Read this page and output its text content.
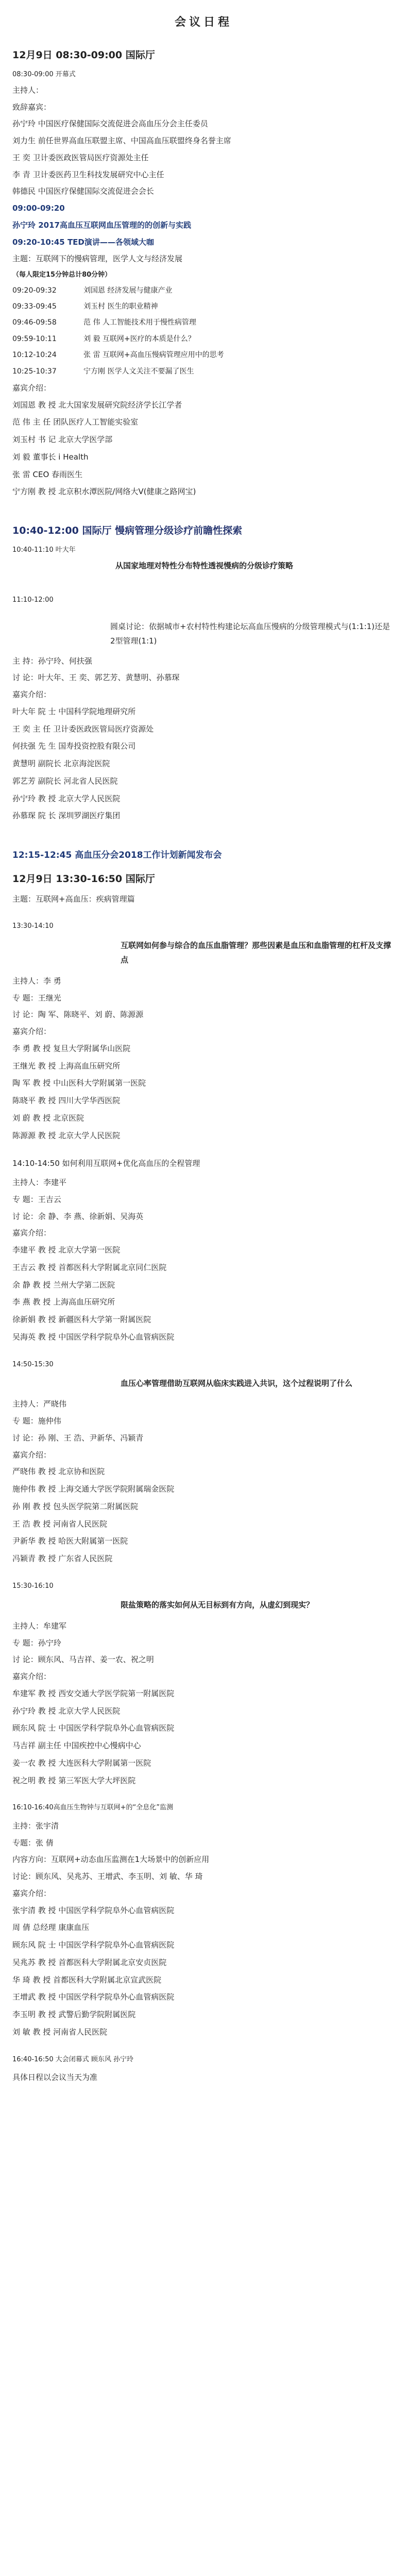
会议日程
12月9日 08:30-09:00 国际厅
08:30-09:00 开幕式
主持人：
致辞嘉宾：
孙宁玲 中国医疗保健国际交流促进会高血压分会主任委员
刘力生 前任世界高血压联盟主席、中国高血压联盟终身名誉主席
王 奕 卫计委医政医管局医疗资源处主任
李 青 卫计委医药卫生科技发展研究中心主任
韩德民 中国医疗保健国际交流促进会会长
09:00-09:20
孙宁玲 2017高血压互联网血压管理的的创新与实践
09:20-10:45 TED演讲——各领域大咖
主题：互联网下的慢病管理，医学人文与经济发展
（每人限定15分钟总计80分钟）
09:20-09:32	刘国恩 经济发展与健康产业
09:33-09:45	刘玉村 医生的职业精神
09:46-09:58	范 伟 人工智能技术用于慢性病管理
09:59-10:11	刘 毅 互联网+医疗的本质是什么？
10:12-10:24	张 雷 互联网+高血压慢病管理应用中的思考
10:25-10:37	宁方刚 医学人文关注不要漏了医生
嘉宾介绍：
刘国恩 教 授 北大国家发展研究院经济学长江学者
范 伟 主 任 团队医疗人工智能实验室
刘玉村 书 记 北京大学医学部
刘 毅 董事长 i Health
张 雷 CEO 春雨医生
宁方刚 教 授 北京积水潭医院/网络大V(健康之路网宝)
10:40-12:00 国际厅 慢病管理分级诊疗前瞻性探索
10:40-11:10 叶大年
从国家地理对特性分布特性透视慢病的分级诊疗策略
11:10-12:00
圆桌讨论：依据城市+农村特性构建论坛高血压慢病的分级管理模式与(1:1:1)还是2型管理(1:1)
主 持：孙宁玲、何扶强
讨 论：叶大年、王 奕、郭艺芳、黄慧明、孙慕琛
嘉宾介绍：
叶大年 院 士 中国科学院地理研究所
王 奕 主 任 卫计委医政医管局医疗资源处
何扶强 先 生 国寿投资控股有限公司
黄慧明 副院长 北京海淀医院
郭艺芳 副院长 河北省人民医院
孙宁玲 教 授 北京大学人民医院
孙慕琛 院 长 深圳罗湖医疗集团
12:15-12:45 高血压分会2018工作计划新闻发布会
12月9日 13:30-16:50 国际厅
主题：互联网+高血压：疾病管理篇
13:30-14:10
互联网如何参与综合的血压血脂管理？那些因素是血压和血脂管理的杠杆及支撑点
主持人：李 勇
专 题：王继光
讨 论：陶 军、陈晓平、刘 蔚、陈源源
嘉宾介绍：
李 勇 教 授 复旦大学附属华山医院
王继光 教 授 上海高血压研究所
陶 军 教 授 中山医科大学附属第一医院
陈晓平 教 授 四川大学华西医院
刘 蔚 教 授 北京医院
陈源源 教 授 北京大学人民医院
14:10-14:50 如何利用互联网+优化高血压的全程管理
主持人：李建平
专 题：王吉云
讨 论：余 静、李 燕、徐新娟、吴海英
嘉宾介绍：
李建平 教 授 北京大学第一医院
王吉云 教 授 首都医科大学附属北京同仁医院
余 静 教 授 兰州大学第二医院
李 燕 教 授 上海高血压研究所
徐新娟 教 授 新疆医科大学第一附属医院
吴海英 教 授 中国医学科学院阜外心血管病医院
14:50-15:30
血压心率管理借助互联网从临床实践进入共识，这个过程说明了什么
主持人：严晓伟
专 题：施仲伟
讨 论：孙 刚、王 浩、尹新华、冯颖青
嘉宾介绍：
严晓伟 教 授 北京协和医院
施仲伟 教 授 上海交通大学医学院附属瑞金医院
孙 刚 教 授 包头医学院第二附属医院
王 浩 教 授 河南省人民医院
尹新华 教 授 哈医大附属第一医院
冯颖青 教 授 广东省人民医院
15:30-16:10
限盐策略的落实如何从无目标到有方向，从虚幻到现实？
主持人：牟建军
专 题：孙宁玲
讨 论：顾东风、马吉祥、姜一农、祝之明
嘉宾介绍：
牟建军 教 授 西安交通大学医学院第一附属医院
孙宁玲 教 授 北京大学人民医院
顾东风 院 士 中国医学科学院阜外心血管病医院
马吉祥 副主任 中国疾控中心慢病中心
姜一农 教 授 大连医科大学附属第一医院
祝之明 教 授 第三军医大学大坪医院
16:10-16:40高血压生物钟与互联网+的“全息化”监测
主持：张宇清
专题：张 倩
内容方向：互联网+动态血压监测在1大场景中的创新应用
讨论：顾东风、吴兆苏、王增武、李玉明、刘 敏、华 琦
嘉宾介绍：
张宇清 教 授 中国医学科学院阜外心血管病医院
周 倩 总经理 康康血压
顾东风 院 士 中国医学科学院阜外心血管病医院
吴兆苏 教 授 首都医科大学附属北京安贞医院
华 琦 教 授 首都医科大学附属北京宣武医院
王增武 教 授 中国医学科学院阜外心血管病医院
李玉明 教 授 武警后勤学院附属医院
刘 敏 教 授 河南省人民医院
16:40-16:50 大会闭幕式 顾东风 孙宁玲
具体日程以会议当天为准
